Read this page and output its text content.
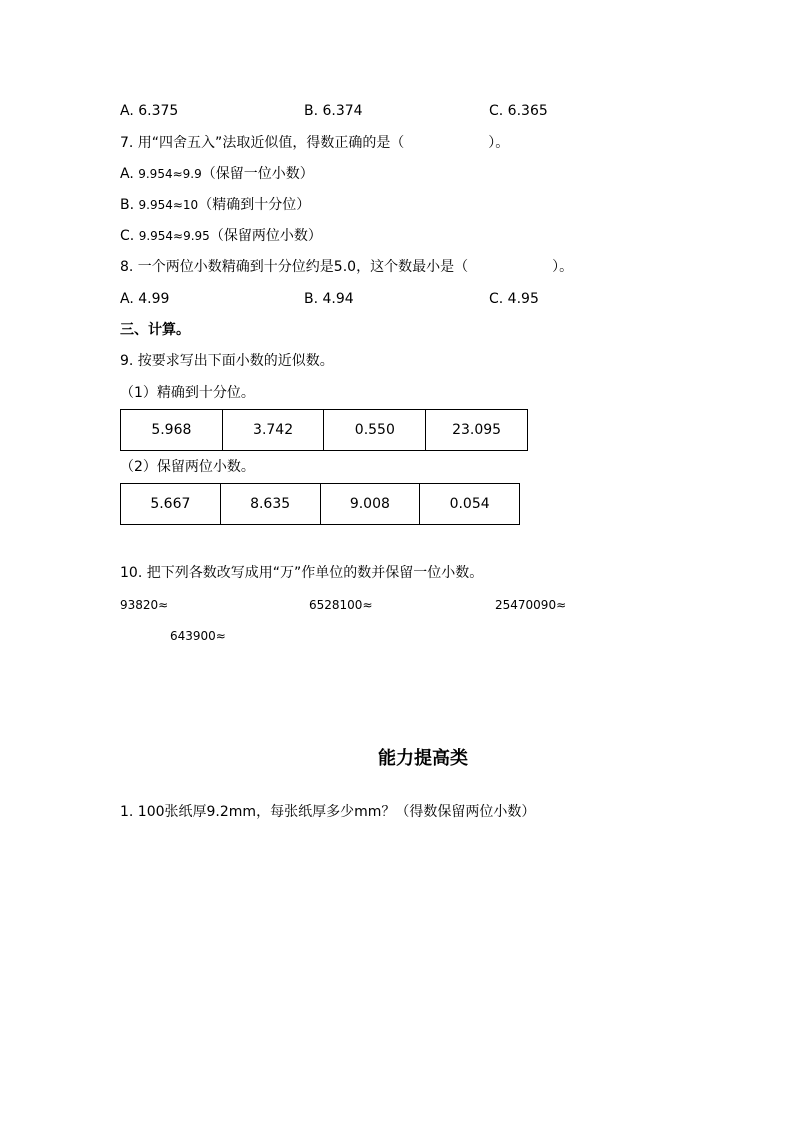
A. 6.375	B. 6.374	C. 6.365
7. 用“四舍五入”法取近似值，得数正确的是（　　　　　　）。
A. 9.954≈9.9（保留一位小数）
B. 9.954≈10（精确到十分位）
C. 9.954≈9.95（保留两位小数）
8. 一个两位小数精确到十分位约是5.0，这个数最小是（　　　　　　）。
A. 4.99	B. 4.94	C. 4.95
三、计算。
9. 按要求写出下面小数的近似数。
（1）精确到十分位。
5.968	3.742	0.550	23.095
（2）保留两位小数。
5.667	8.635	9.008	0.054
10. 把下列各数改写成用“万”作单位的数并保留一位小数。
93820≈	6528100≈	25470090≈
643900≈
能力提高类
1. 100张纸厚9.2mm，每张纸厚多少mm？（得数保留两位小数）
